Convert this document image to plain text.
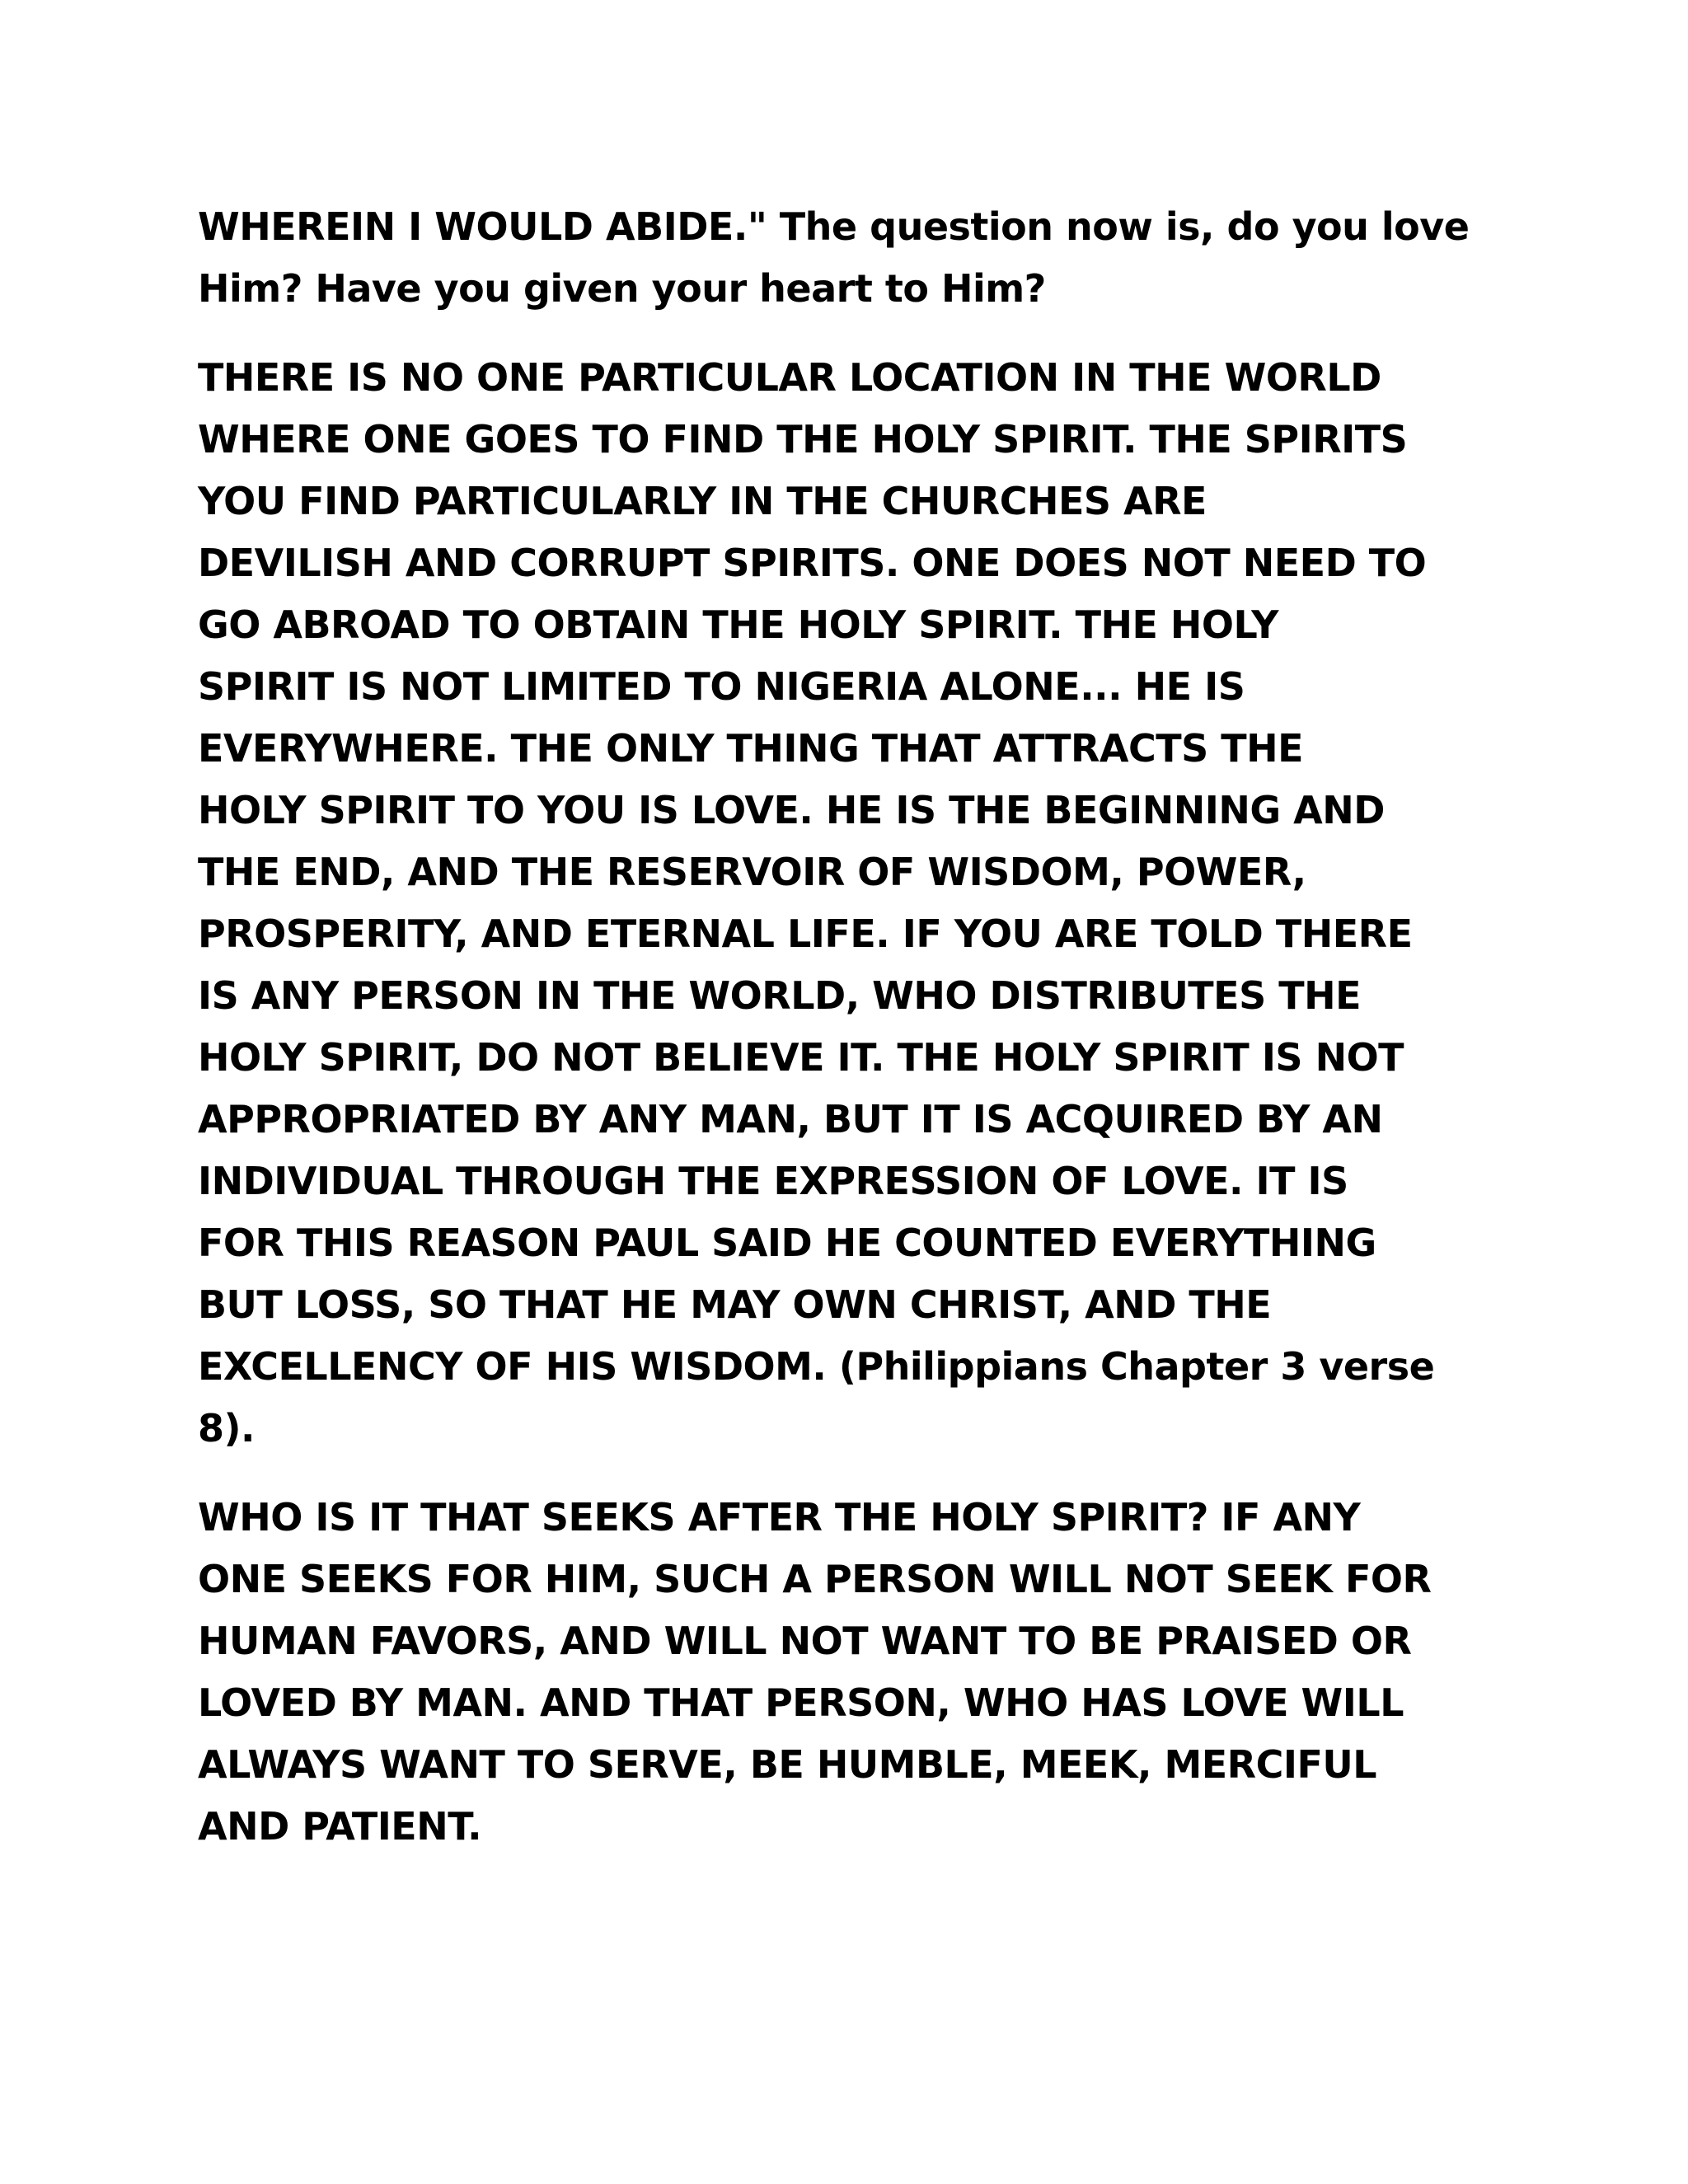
WHEREIN I WOULD ABIDE." The question now is, do you love
Him? Have you given your heart to Him?
THERE IS NO ONE PARTICULAR LOCATION IN THE WORLD
WHERE ONE GOES TO FIND THE HOLY SPIRIT. THE SPIRITS
YOU FIND PARTICULARLY IN THE CHURCHES ARE
DEVILISH AND CORRUPT SPIRITS. ONE DOES NOT NEED TO
GO ABROAD TO OBTAIN THE HOLY SPIRIT. THE HOLY
SPIRIT IS NOT LIMITED TO NIGERIA ALONE... HE IS
EVERYWHERE. THE ONLY THING THAT ATTRACTS THE
HOLY SPIRIT TO YOU IS LOVE. HE IS THE BEGINNING AND
THE END, AND THE RESERVOIR OF WISDOM, POWER,
PROSPERITY, AND ETERNAL LIFE. IF YOU ARE TOLD THERE
IS ANY PERSON IN THE WORLD, WHO DISTRIBUTES THE
HOLY SPIRIT, DO NOT BELIEVE IT. THE HOLY SPIRIT IS NOT
APPROPRIATED BY ANY MAN, BUT IT IS ACQUIRED BY AN
INDIVIDUAL THROUGH THE EXPRESSION OF LOVE. IT IS
FOR THIS REASON PAUL SAID HE COUNTED EVERYTHING
BUT LOSS, SO THAT HE MAY OWN CHRIST, AND THE
EXCELLENCY OF HIS WISDOM. (Philippians Chapter 3 verse
8).
WHO IS IT THAT SEEKS AFTER THE HOLY SPIRIT? IF ANY
ONE SEEKS FOR HIM, SUCH A PERSON WILL NOT SEEK FOR
HUMAN FAVORS, AND WILL NOT WANT TO BE PRAISED OR
LOVED BY MAN. AND THAT PERSON, WHO HAS LOVE WILL
ALWAYS WANT TO SERVE, BE HUMBLE, MEEK, MERCIFUL
AND PATIENT.
